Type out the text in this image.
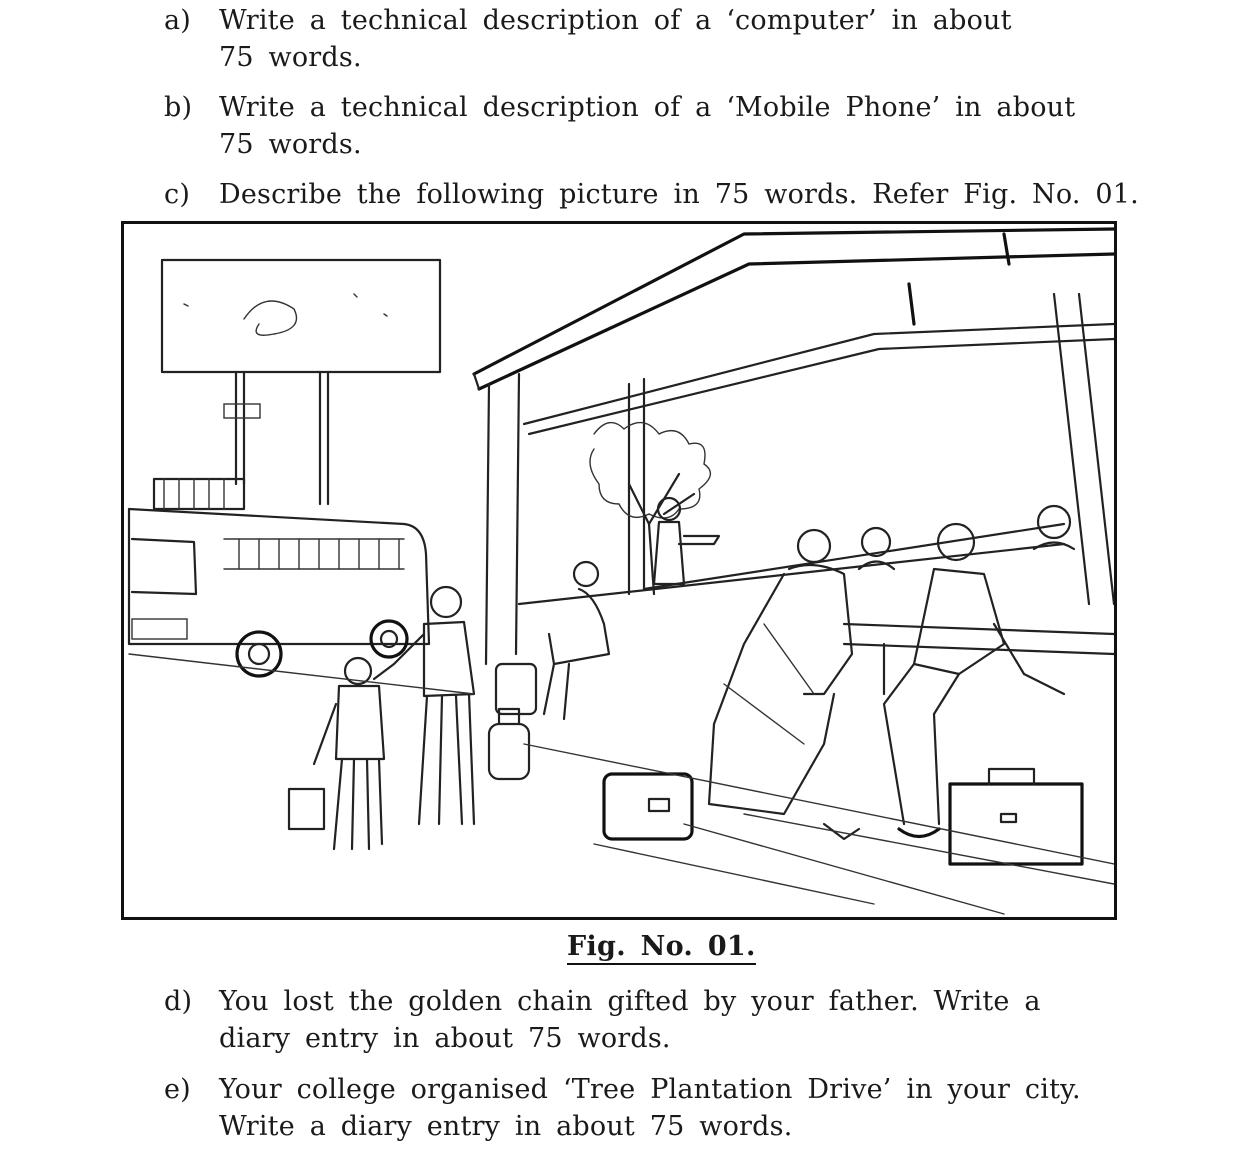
a) Write a technical description of a ‘computer’ in about
75 words.
b) Write a technical description of a ‘Mobile Phone’ in about
75 words.
c) Describe the following picture in 75 words. Refer Fig. No. 01.
Fig. No. 01.
d) You lost the golden chain gifted by your father. Write a
diary entry in about 75 words.
e) Your college organised ‘Tree Plantation Drive’ in your city.
Write a diary entry in about 75 words.
